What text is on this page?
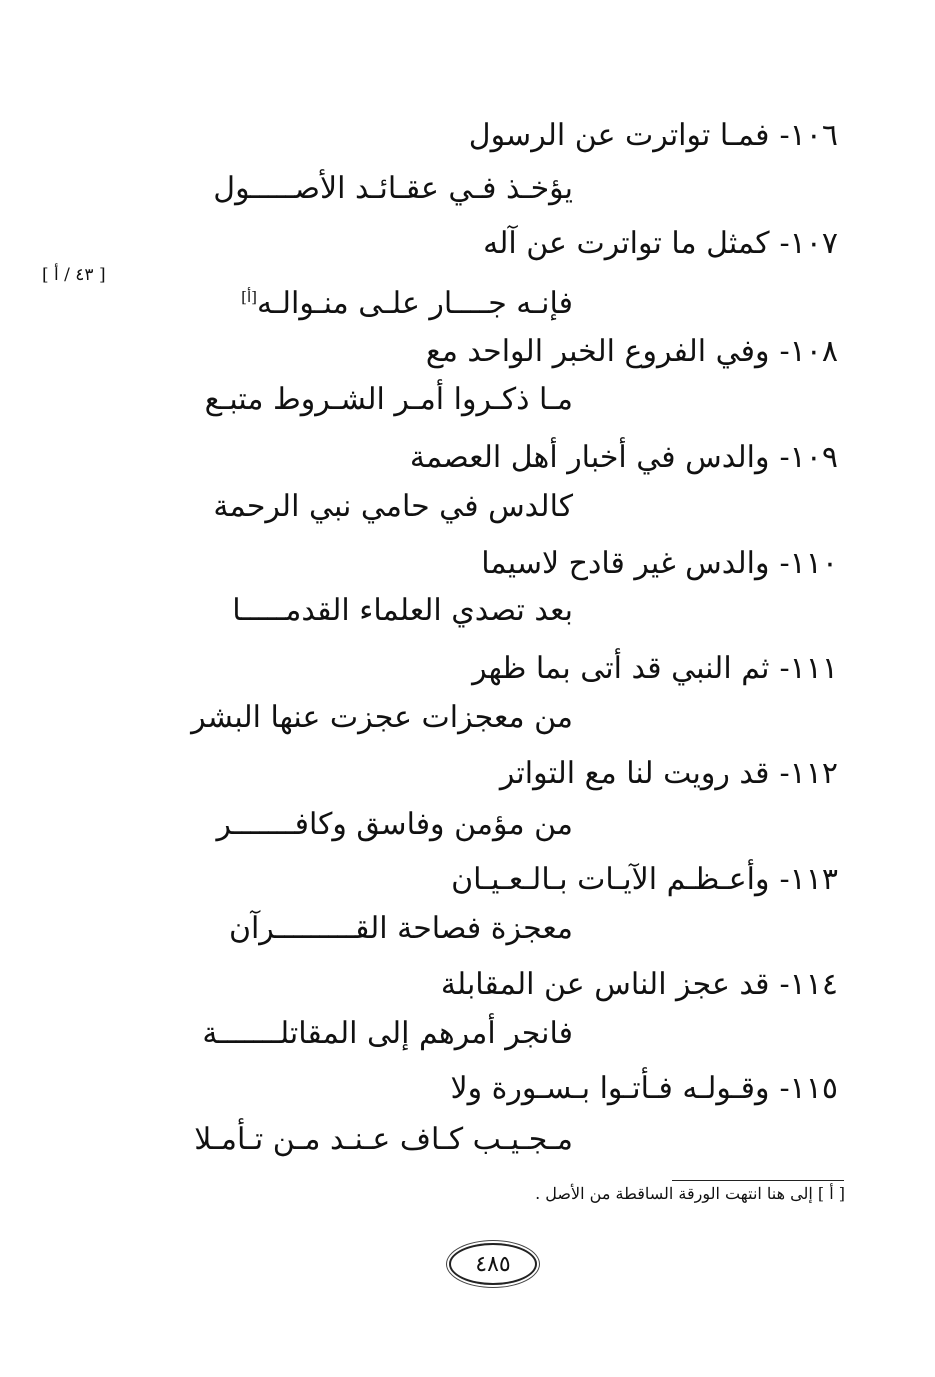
١٠٦-فمـا تواترت عن الرسول
يؤخـذ فـي عقـائـد الأصـــــول
١٠٧-كمثل ما تواترت عن آله
فإنـه جــــار علـى منـوالـه[أ]
١٠٨-وفي الفروع الخبر الواحد مع
مـا ذكـروا أمـر الشـروط متبـع
١٠٩-والدس في أخبار أهل العصمة
كالدس في حامي نبي الرحمة
١١٠-والدس غير قادح لاسيما
بعد تصدي العلماء القدمـــــا
١١١-ثم النبي قد أتى بما ظهر
من معجزات عجزت عنها البشر
١١٢-قد رويت لنا مع التواتر
من مؤمن وفاسق وكافـــــــر
١١٣-وأعـظـم الآيـات بـالـعـيـان
معجزة فصاحة القـــــــــرآن
١١٤-قد عجز الناس عن المقابلة
فانجر أمرهم إلى المقاتلـــــــة
١١٥-وقـولـه فـأتـوا بـسـورة ولا
مـجـيـب كـاف عـنـد مـن تـأمـلا
[ ٤٣ / أ ]
[ أ ] إلى هنا انتهت الورقة الساقطة من الأصل .
٤٨٥
